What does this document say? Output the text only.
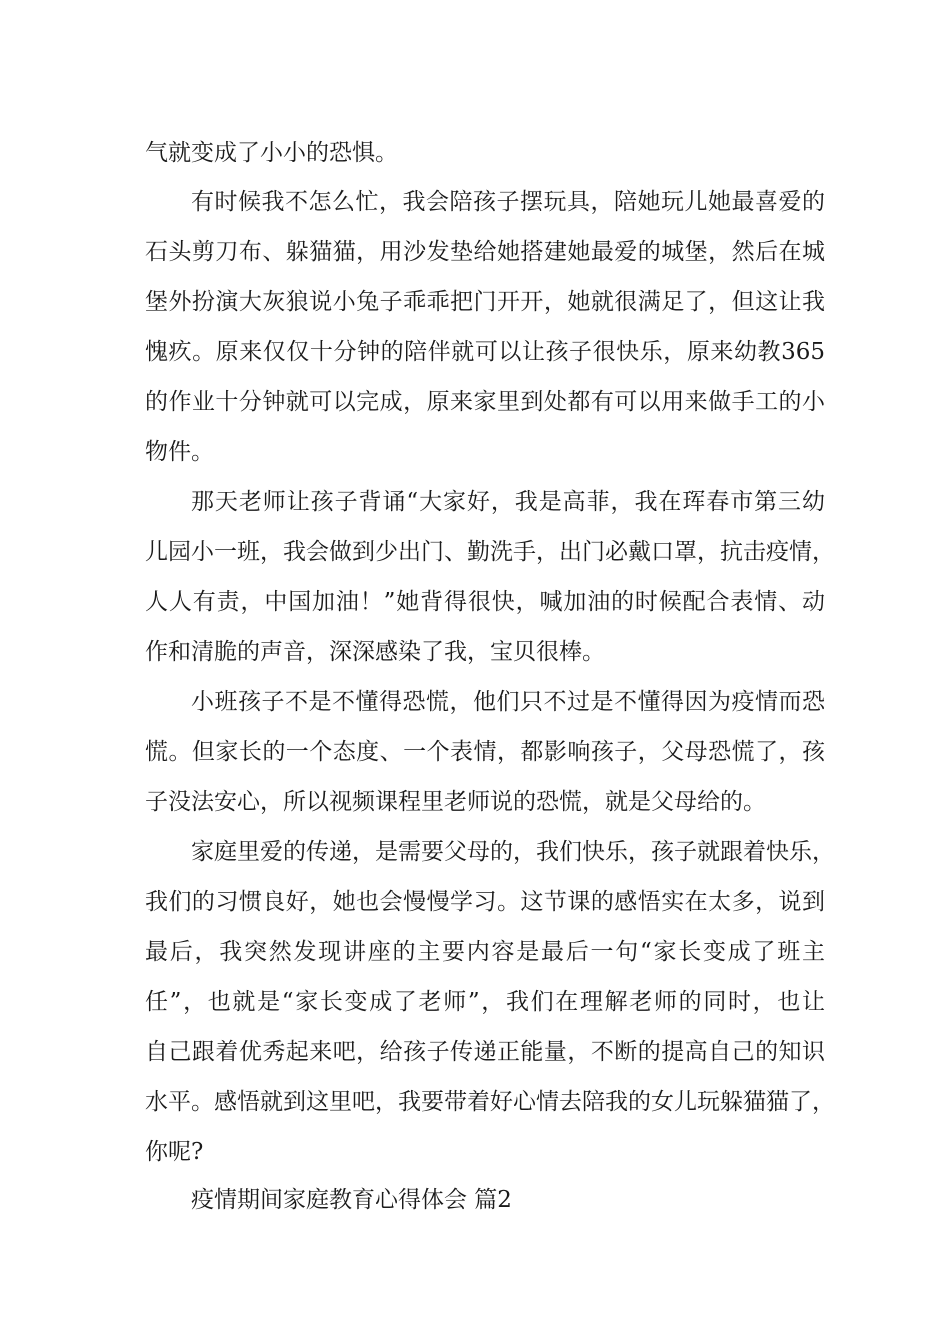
气就变成了小小的恐惧。
有时候我不怎么忙，我会陪孩子摆玩具，陪她玩儿她最喜爱的
石头剪刀布、躲猫猫，用沙发垫给她搭建她最爱的城堡，然后在城
堡外扮演大灰狼说小兔子乖乖把门开开，她就很满足了，但这让我
愧疚。原来仅仅十分钟的陪伴就可以让孩子很快乐，原来幼教365
的作业十分钟就可以完成，原来家里到处都有可以用来做手工的小
物件。
那天老师让孩子背诵“大家好，我是高菲，我在珲春市第三幼
儿园小一班，我会做到少出门、勤洗手，出门必戴口罩，抗击疫情，
人人有责，中国加油！”她背得很快，喊加油的时候配合表情、动
作和清脆的声音，深深感染了我，宝贝很棒。
小班孩子不是不懂得恐慌，他们只不过是不懂得因为疫情而恐
慌。但家长的一个态度、一个表情，都影响孩子，父母恐慌了，孩
子没法安心，所以视频课程里老师说的恐慌，就是父母给的。
家庭里爱的传递，是需要父母的，我们快乐，孩子就跟着快乐，
我们的习惯良好，她也会慢慢学习。这节课的感悟实在太多，说到
最后，我突然发现讲座的主要内容是最后一句“家长变成了班主
任”，也就是“家长变成了老师”，我们在理解老师的同时，也让
自己跟着优秀起来吧，给孩子传递正能量，不断的提高自己的知识
水平。感悟就到这里吧，我要带着好心情去陪我的女儿玩躲猫猫了，
你呢?
疫情期间家庭教育心得体会 篇2
